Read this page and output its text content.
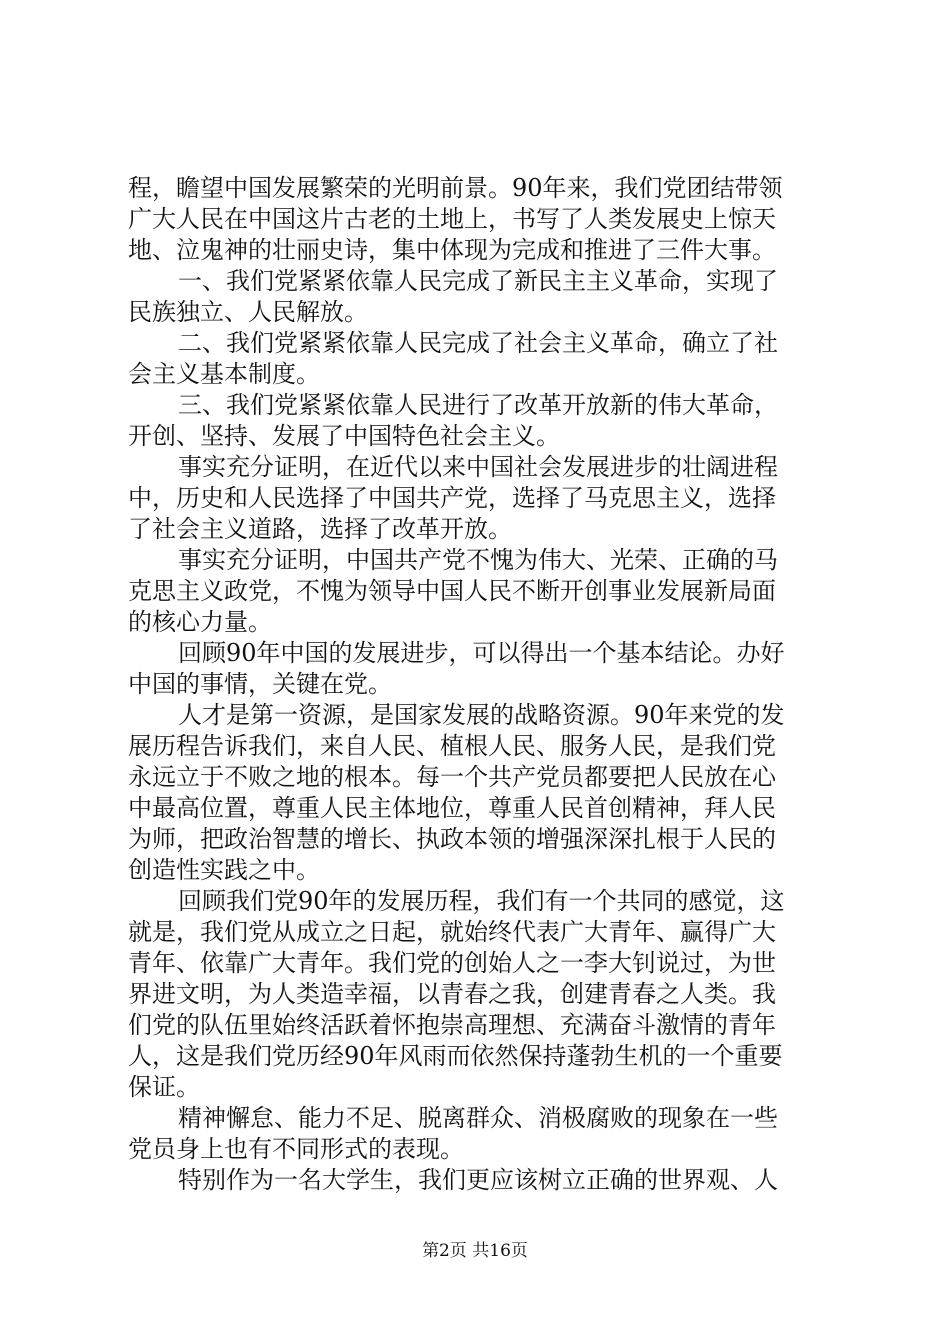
程，瞻望中国发展繁荣的光明前景。90年来，我们党团结带领
广大人民在中国这片古老的土地上，书写了人类发展史上惊天
地、泣鬼神的壮丽史诗，集中体现为完成和推进了三件大事。
一、我们党紧紧依靠人民完成了新民主主义革命，实现了
民族独立、人民解放。
二、我们党紧紧依靠人民完成了社会主义革命，确立了社
会主义基本制度。
三、我们党紧紧依靠人民进行了改革开放新的伟大革命，
开创、坚持、发展了中国特色社会主义。
事实充分证明，在近代以来中国社会发展进步的壮阔进程
中，历史和人民选择了中国共产党，选择了马克思主义，选择
了社会主义道路，选择了改革开放。
事实充分证明，中国共产党不愧为伟大、光荣、正确的马
克思主义政党，不愧为领导中国人民不断开创事业发展新局面
的核心力量。
回顾90年中国的发展进步，可以得出一个基本结论。办好
中国的事情，关键在党。
人才是第一资源，是国家发展的战略资源。90年来党的发
展历程告诉我们，来自人民、植根人民、服务人民，是我们党
永远立于不败之地的根本。每一个共产党员都要把人民放在心
中最高位置，尊重人民主体地位，尊重人民首创精神，拜人民
为师，把政治智慧的增长、执政本领的增强深深扎根于人民的
创造性实践之中。
回顾我们党90年的发展历程，我们有一个共同的感觉，这
就是，我们党从成立之日起，就始终代表广大青年、赢得广大
青年、依靠广大青年。我们党的创始人之一李大钊说过，为世
界进文明，为人类造幸福，以青春之我，创建青春之人类。我
们党的队伍里始终活跃着怀抱崇高理想、充满奋斗激情的青年
人，这是我们党历经90年风雨而依然保持蓬勃生机的一个重要
保证。
精神懈怠、能力不足、脱离群众、消极腐败的现象在一些
党员身上也有不同形式的表现。
特别作为一名大学生，我们更应该树立正确的世界观、人
第2页 共16页
